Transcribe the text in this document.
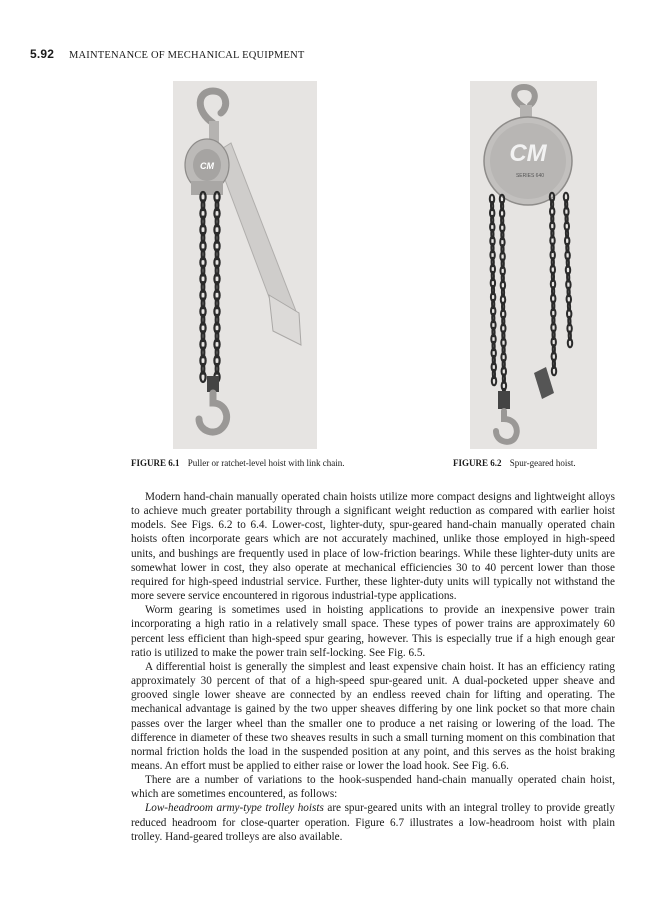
5.92 MAINTENANCE OF MECHANICAL EQUIPMENT
CM	CM
SERIES 640
FIGURE 6.1 Puller or ratchet-level hoist with link chain.	FIGURE 6.2 Spur-geared hoist.

Modern hand-chain manually operated chain hoists utilize more compact designs and lightweight alloys to achieve much greater portability through a significant weight reduction as compared with earlier hoist models. See Figs. 6.2 to 6.4. Lower-cost, lighter-duty, spur-geared hand-chain manually operated chain hoists often incorporate gears which are not accurately machined, unlike those employed in high-speed units, and bushings are frequently used in place of low-friction bearings. While these lighter-duty units are somewhat lower in cost, they also operate at mechanical efficiencies 30 to 40 percent lower than those required for high-speed industrial service. Further, these lighter-duty units will typically not withstand the more severe service encountered in rigorous industrial-type applications.

Worm gearing is sometimes used in hoisting applications to provide an inexpensive power train incorporating a high ratio in a relatively small space. These types of power trains are approximately 60 percent less efficient than high-speed spur gearing, however. This is especially true if a high enough gear ratio is utilized to make the power train self-locking. See Fig. 6.5.

A differential hoist is generally the simplest and least expensive chain hoist. It has an efficiency rating approximately 30 percent of that of a high-speed spur-geared unit. A dual-pocketed upper sheave and grooved single lower sheave are connected by an endless reeved chain for lifting and operating. The mechanical advantage is gained by the two upper sheaves differing by one link pocket so that more chain passes over the larger wheel than the smaller one to produce a net raising or lowering of the load. The difference in diameter of these two sheaves results in such a small turning moment on this combination that normal friction holds the load in the suspended position at any point, and this serves as the hoist braking means. An effort must be applied to either raise or lower the load hook. See Fig. 6.6.

There are a number of variations to the hook-suspended hand-chain manually operated chain hoist, which are sometimes encountered, as follows:

Low-headroom army-type trolley hoists are spur-geared units with an integral trolley to provide greatly reduced headroom for close-quarter operation. Figure 6.7 illustrates a low-headroom hoist with plain trolley. Hand-geared trolleys are also available.
